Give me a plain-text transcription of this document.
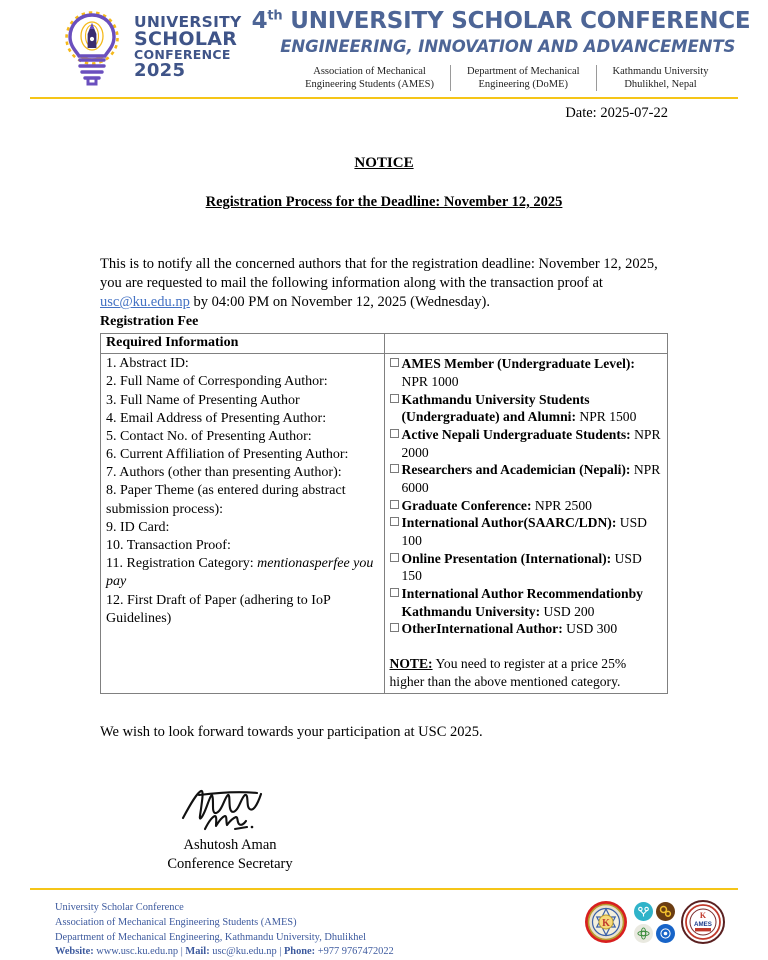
UNIVERSITY
SCHOLAR
CONFERENCE
2025
4th UNIVERSITY SCHOLAR CONFERENCE
ENGINEERING, INNOVATION AND ADVANCEMENTS
Association of Mechanical
Engineering Students (AMES)
Department of Mechanical
Engineering (DoME)
Kathmandu University
Dhulikhel, Nepal
Date: 2025-07-22
NOTICE
Registration Process for the Deadline: November 12, 2025
This is to notify all the concerned authors that for the registration deadline: November 12, 2025, you are requested to mail the following information along with the transaction proof at usc@ku.edu.np by 04:00 PM on November 12, 2025 (Wednesday).
Registration Fee
Required Information	

1. Abstract ID:
2. Full Name of Corresponding Author:
3. Full Name of Presenting Author
4. Email Address of Presenting Author:
5. Contact No. of Presenting Author:
6. Current Affiliation of Presenting Author:
7. Authors (other than presenting Author):
8. Paper Theme (as entered during abstract submission process):
9. ID Card:
10. Transaction Proof:
11. Registration Category: mentionasperfee you pay
12. First Draft of Paper (adhering to IoP Guidelines)

AMES Member (Undergraduate Level): NPR 1000
Kathmandu University Students (Undergraduate) and Alumni: NPR 1500
Active Nepali Undergraduate Students: NPR 2000
Researchers and Academician (Nepali): NPR 6000
Graduate Conference: NPR 2500
International Author(SAARC/LDN): USD 100
Online Presentation (International): USD 150
International Author Recommendationby Kathmandu University: USD 200
OtherInternational Author: USD 300
NOTE: You need to register at a price 25% higher than the above mentioned category.
We wish to look forward towards your participation at USC 2025.
Ashutosh Aman
Conference Secretary
University Scholar Conference
Association of Mechanical Engineering Students (AMES)
Department of Mechanical Engineering, Kathmandu University, Dhulikhel
Website: www.usc.ku.edu.np | Mail: usc@ku.edu.np | Phone: +977 9767472022
K
K
AMES
